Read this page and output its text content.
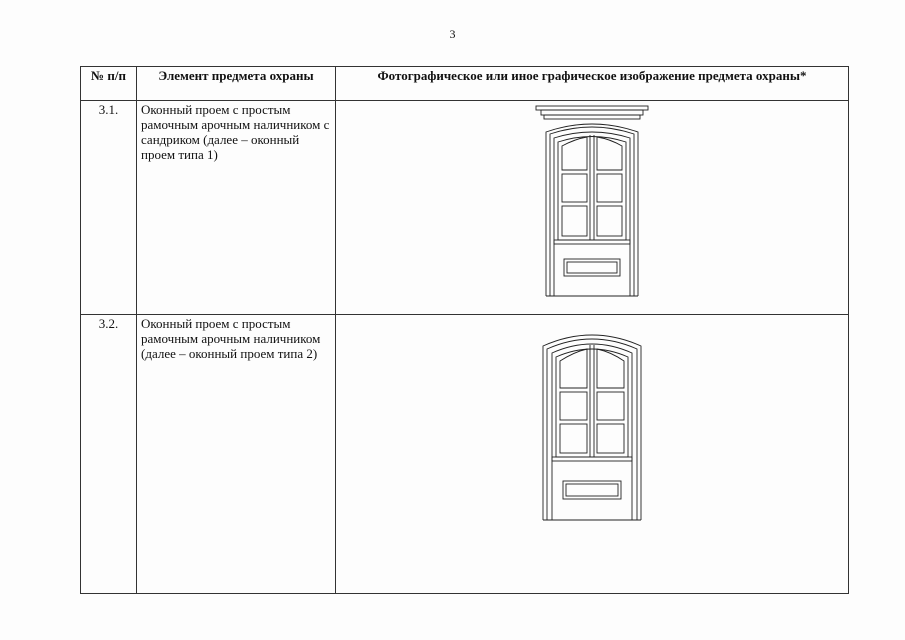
3
№ п/п	Элемент предмета охраны	Фотографическое или иное графическое изображение предмета охраны*
3.1.	Оконный проем с простым рамочным арочным наличником с сандриком (далее – оконный проем типа 1)	

3.2.	Оконный проем с простым рамочным арочным наличником (далее – оконный проем типа 2)	
